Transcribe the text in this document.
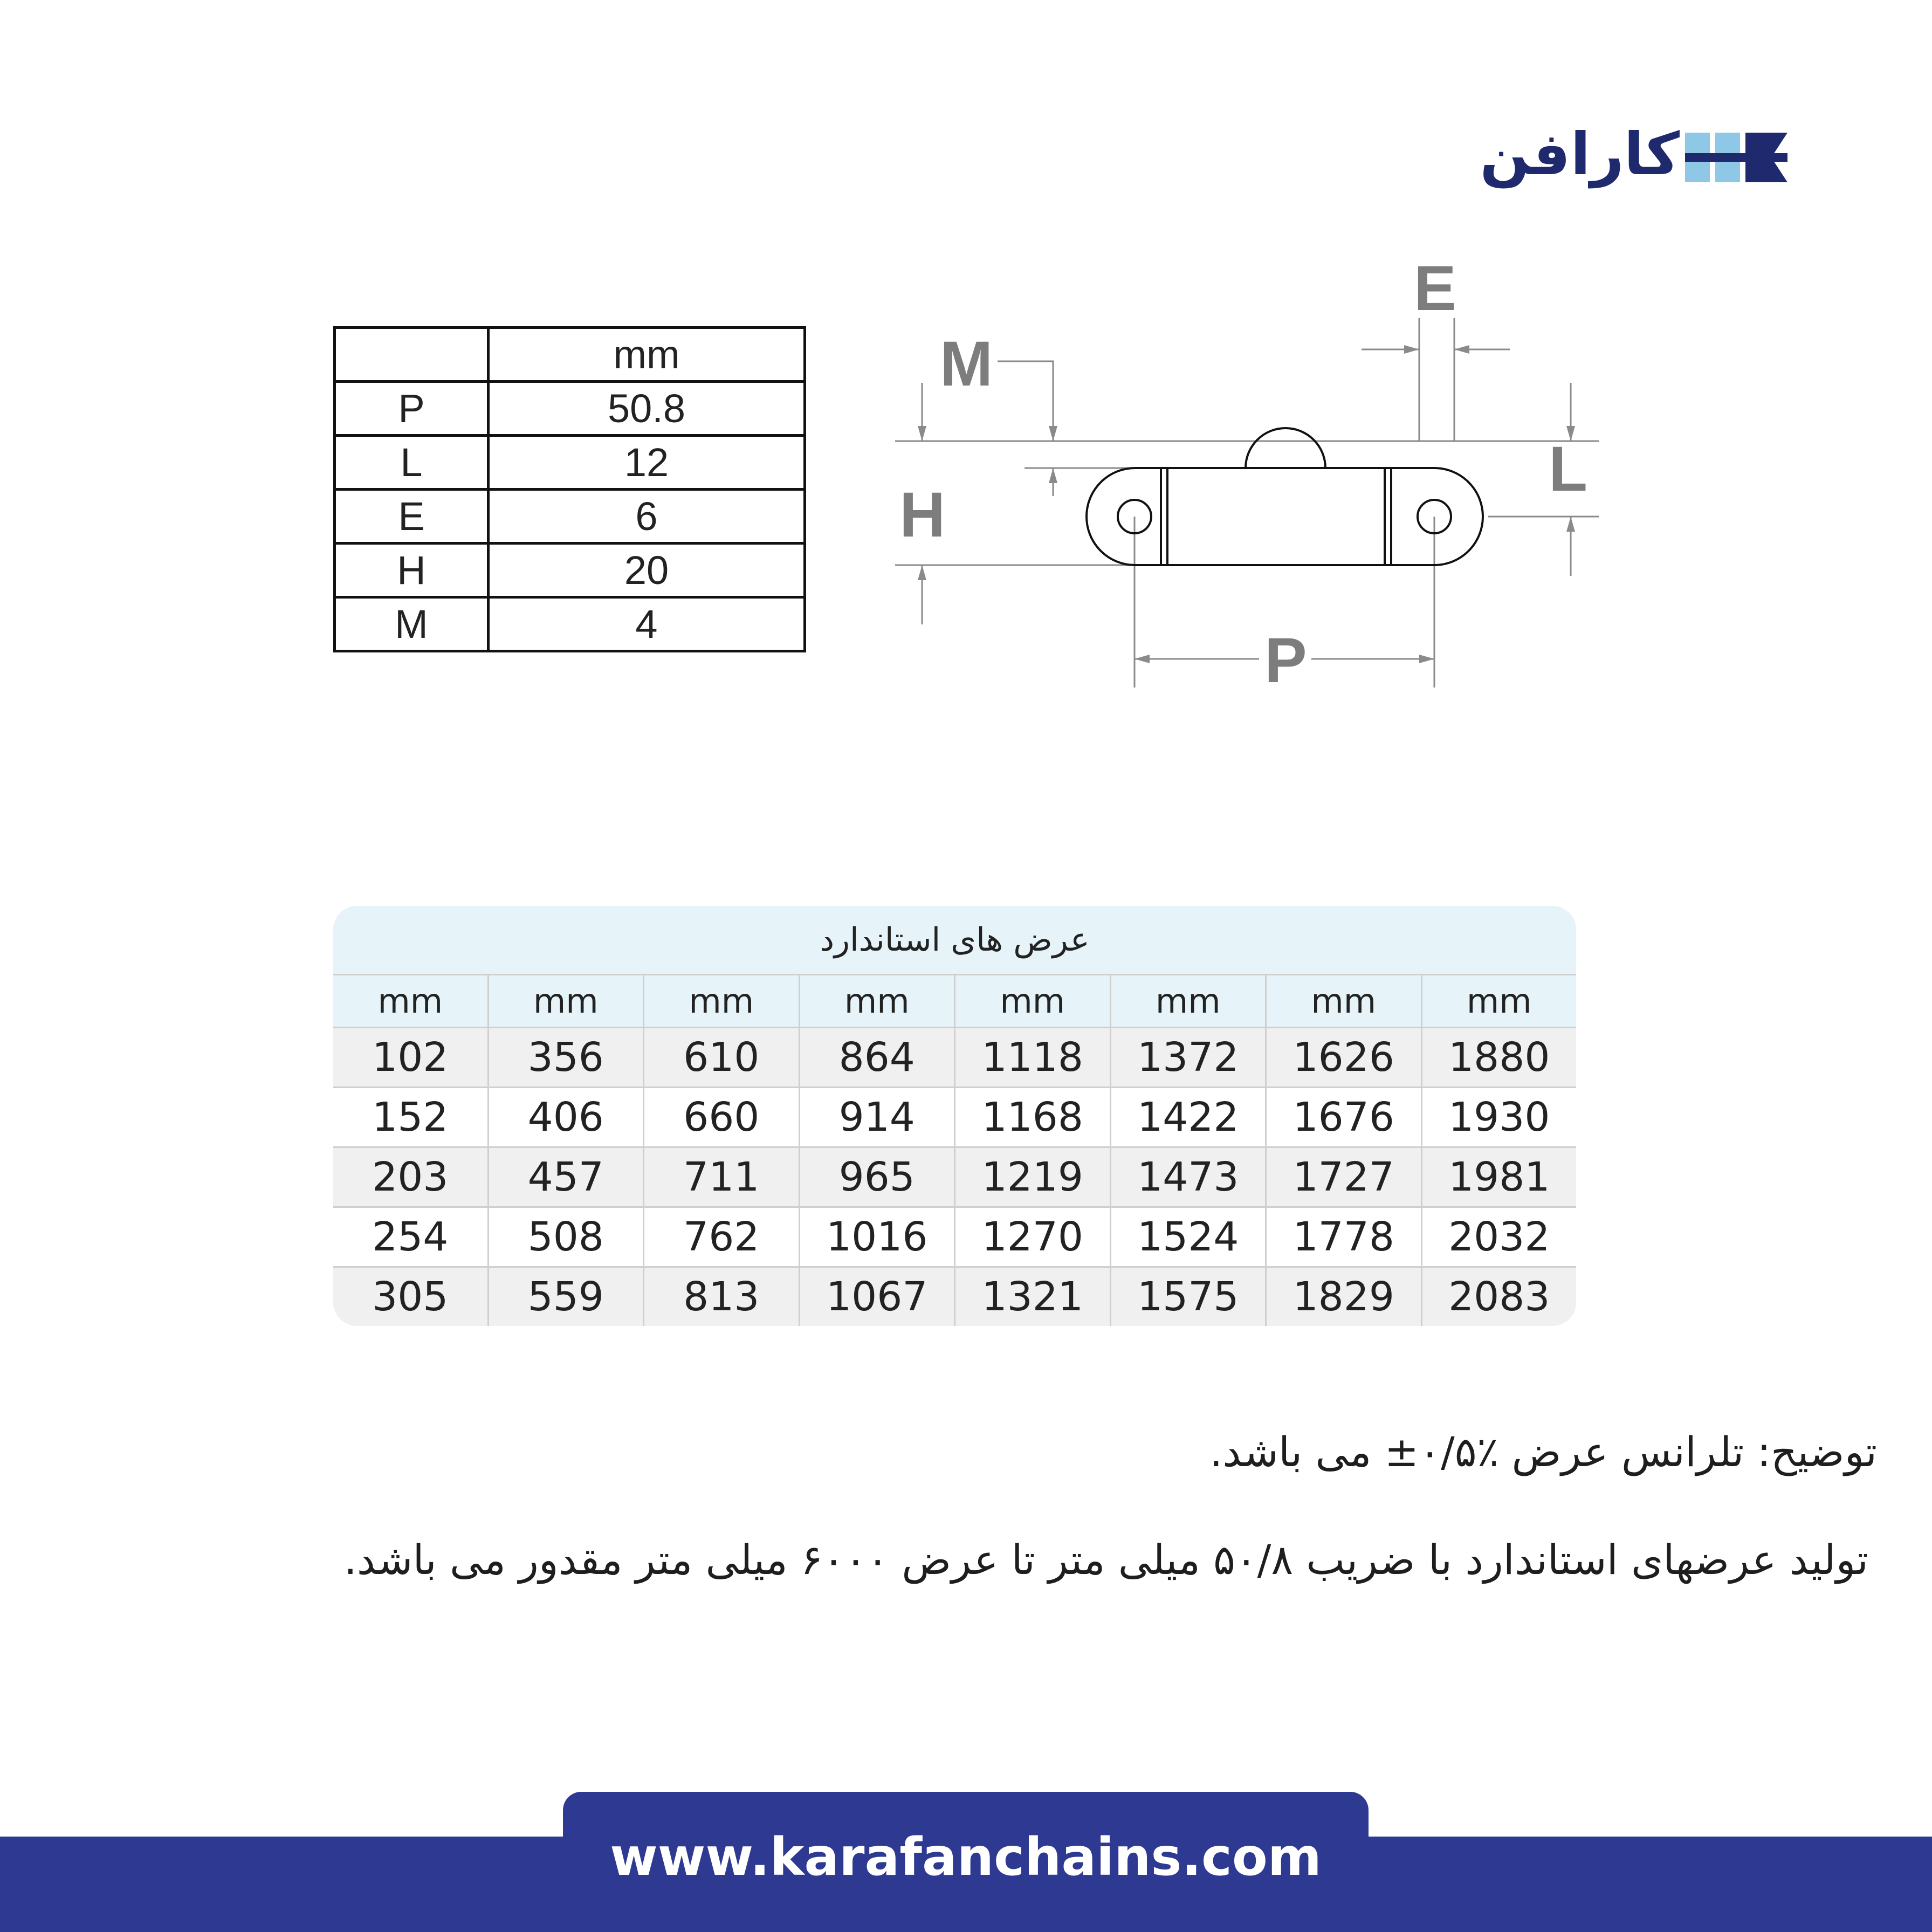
کارافن
	mm
P	50.8
L	12
E	6
H	20
M	4
M
E
H
L
P
عرض های استاندارد
mm	mm	mm	mm	mm	mm	mm	mm
102	356	610	864	1118	1372	1626	1880
152	406	660	914	1168	1422	1676	1930
203	457	711	965	1219	1473	1727	1981
254	508	762	1016	1270	1524	1778	2032
305	559	813	1067	1321	1575	1829	2083
توضیح: تلرانس عرض ٪۰/۵± می باشد.
تولید عرضهای استاندارد با ضریب ۵۰/۸ میلی متر تا عرض ۶۰۰۰ میلی متر مقدور می باشد.
www.karafanchains.com
